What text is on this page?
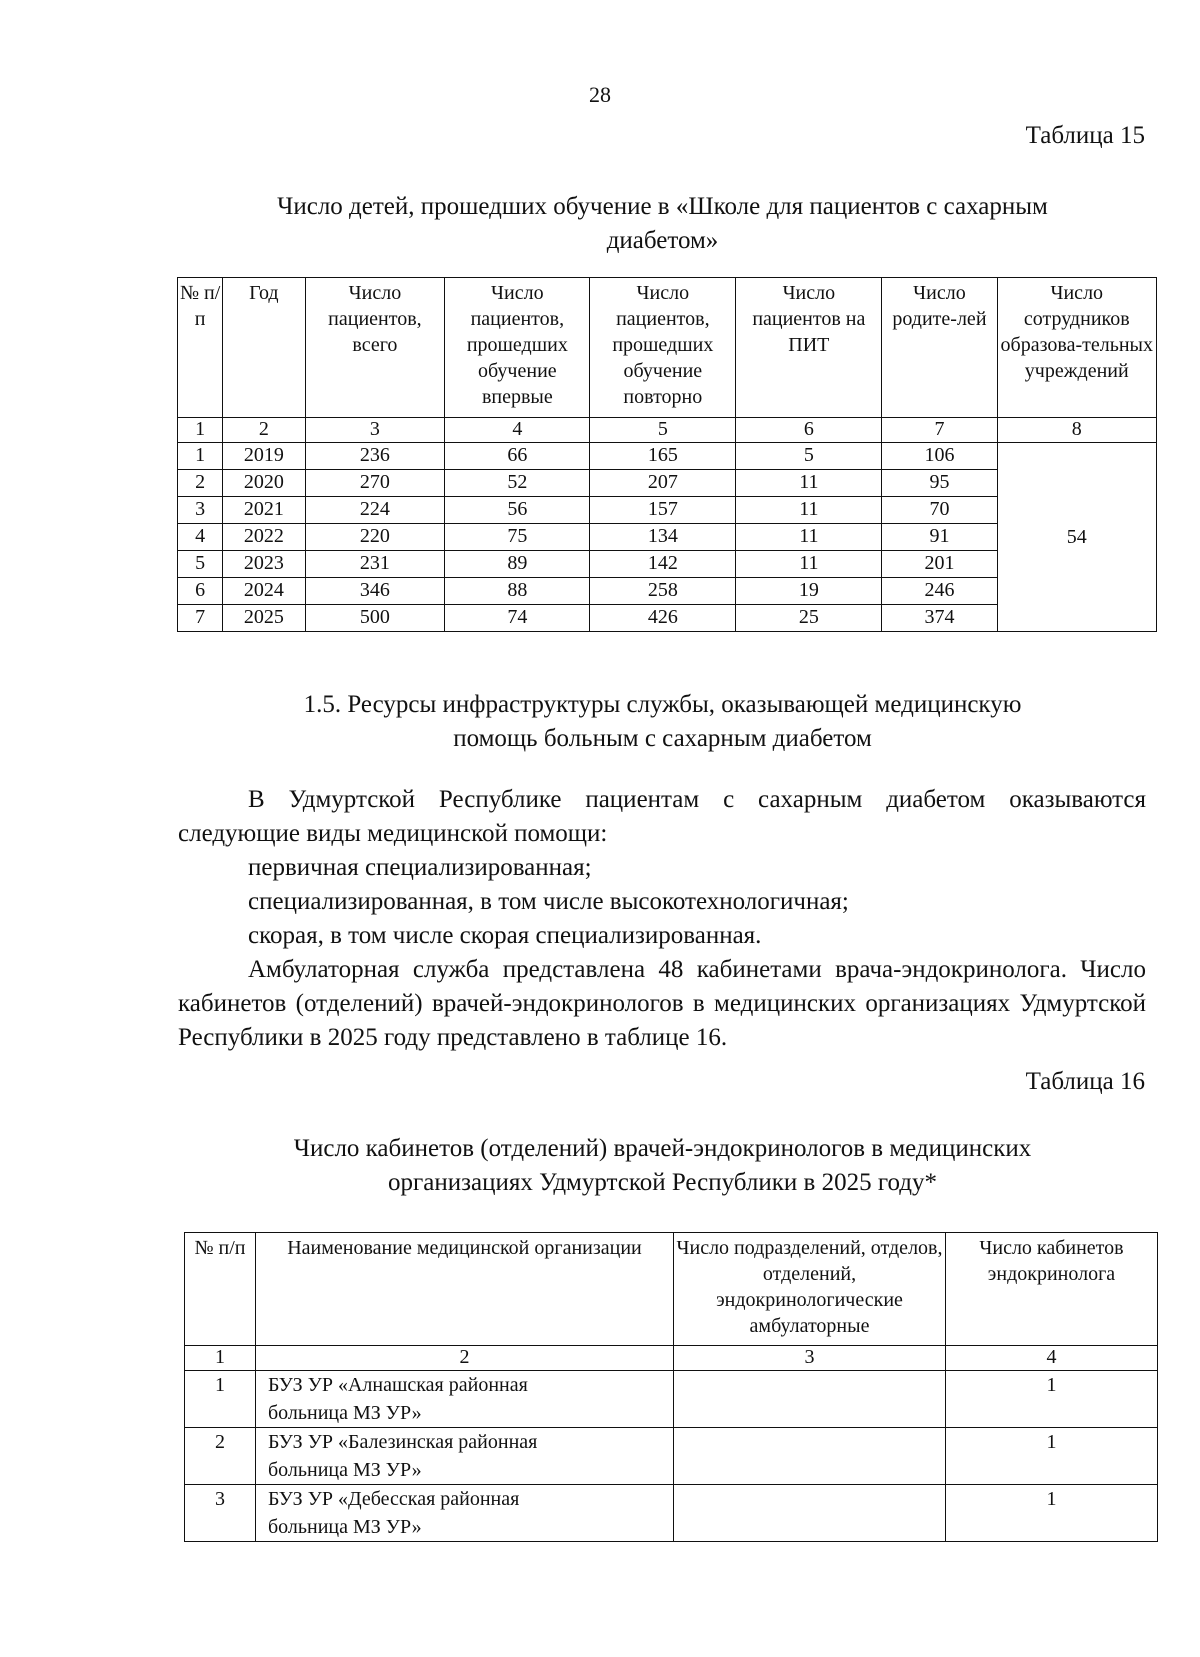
28
Таблица 15
Число детей, прошедших обучение в «Школе для пациентов с сахарным
диабетом»
№ п/п	Год	Число пациентов, всего	Число пациентов, прошедших обучение впервые	Число пациентов, прошедших обучение повторно	Число пациентов на ПИТ	Число родите-лей	Число сотрудников образова-тельных учреждений
1	2	3	4	5	6	7	8
1	2019	236	66	165	5	106	54
2	2020	270	52	207	11	95	
3	2021	224	56	157	11	70	
4	2022	220	75	134	11	91	
5	2023	231	89	142	11	201	
6	2024	346	88	258	19	246	
7	2025	500	74	426	25	374	
1.5. Ресурсы инфраструктуры службы, оказывающей медицинскую
помощь больным с сахарным диабетом

В Удмуртской Республике пациентам с сахарным диабетом оказываются следующие виды медицинской помощи:

первичная специализированная;

специализированная, в том числе высокотехнологичная;

скорая, в том числе скорая специализированная.

Амбулаторная служба представлена 48 кабинетами врача-эндокринолога. Число кабинетов (отделений) врачей-эндокринологов в медицинских организациях Удмуртской Республики в 2025 году представлено в таблице 16.

Таблица 16
Число кабинетов (отделений) врачей-эндокринологов в медицинских
организациях Удмуртской Республики в 2025 году*
№ п/п	Наименование медицинской организации	Число подразделений, отделов, отделений, эндокринологические амбулаторные	Число кабинетов эндокринолога
1	2	3	4
1	БУЗ УР «Алнашская районная
больница МЗ УР»		1
2	БУЗ УР «Балезинская районная
больница МЗ УР»		1
3	БУЗ УР «Дебесская районная
больница МЗ УР»		1
